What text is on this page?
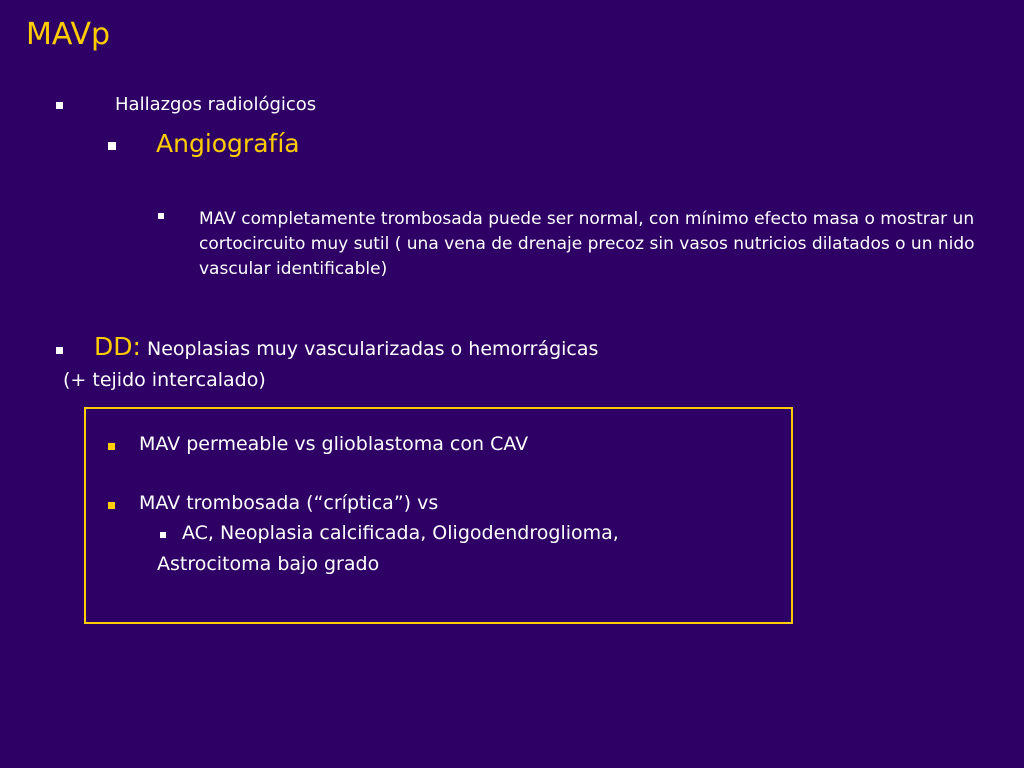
MAVp
Hallazgos radiológicos
Angiografía
MAV completamente trombosada puede ser normal, con mínimo efecto masa o mostrar un cortocircuito muy sutil ( una vena de drenaje precoz sin vasos nutricios dilatados o un nido vascular identificable)
DD: Neoplasias muy vascularizadas o hemorrágicas
(+ tejido intercalado)
MAV permeable vs glioblastoma con CAV
MAV trombosada (“críptica”) vs
AC, Neoplasia calcificada, Oligodendroglioma,
Astrocitoma bajo grado
